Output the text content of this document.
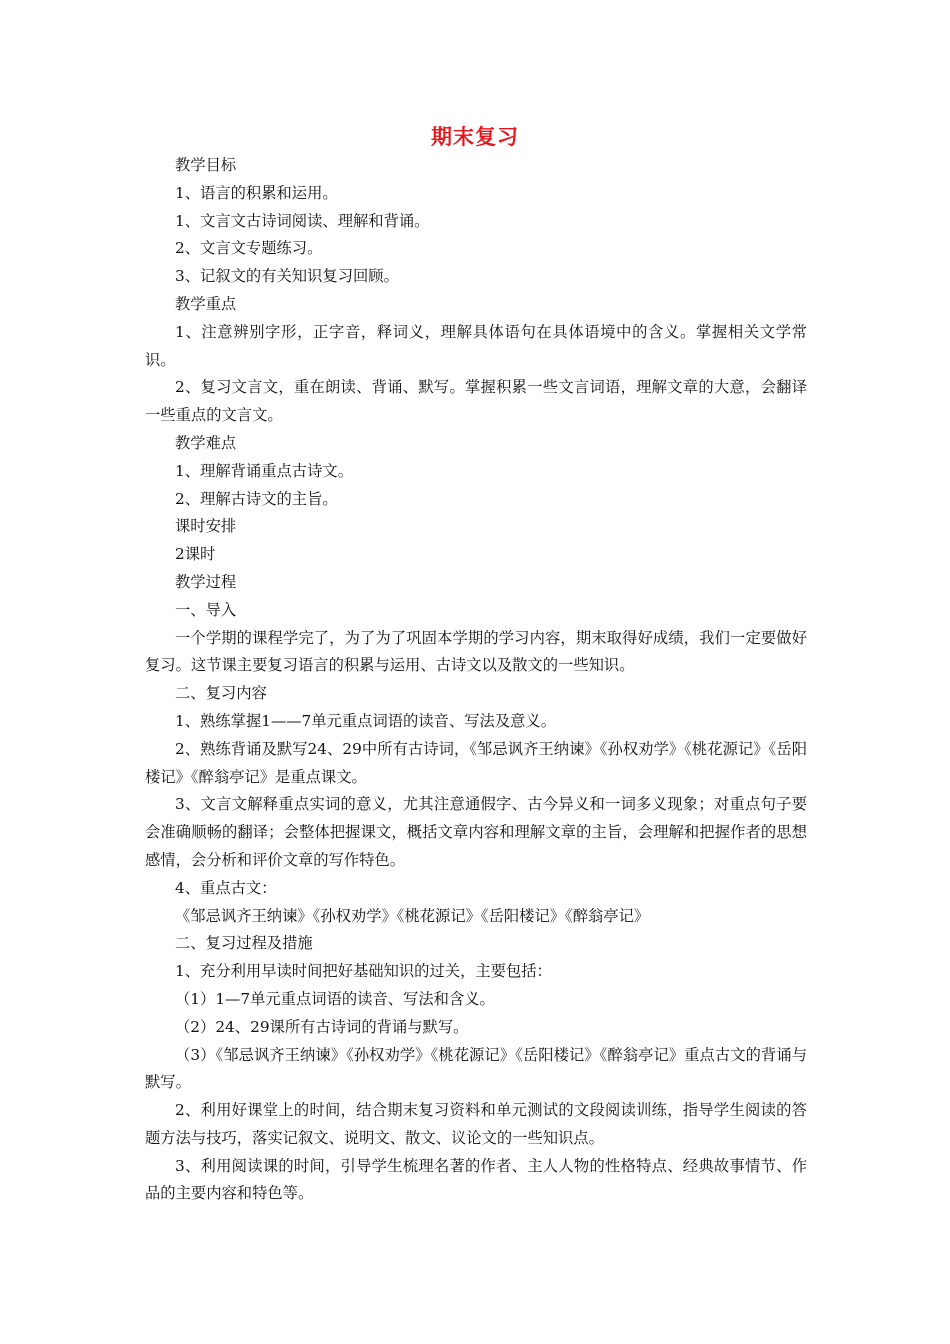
期末复习

教学目标

1、语言的积累和运用。

1、文言文古诗词阅读、理解和背诵。

2、文言文专题练习。

3、记叙文的有关知识复习回顾。

教学重点

1、注意辨别字形，正字音，释词义，理解具体语句在具体语境中的含义。掌握相关文学常识。

2、复习文言文，重在朗读、背诵、默写。掌握积累一些文言词语，理解文章的大意，会翻译一些重点的文言文。

教学难点

1、理解背诵重点古诗文。

2、理解古诗文的主旨。

课时安排

2课时

教学过程

一、导入

一个学期的课程学完了，为了为了巩固本学期的学习内容，期末取得好成绩，我们一定要做好复习。这节课主要复习语言的积累与运用、古诗文以及散文的一些知识。

二、复习内容

1、熟练掌握1——7单元重点词语的读音、写法及意义。

2、熟练背诵及默写24、29中所有古诗词，《邹忌讽齐王纳谏》《孙权劝学》《桃花源记》《岳阳楼记》《醉翁亭记》是重点课文。

3、文言文解释重点实词的意义，尤其注意通假字、古今异义和一词多义现象；对重点句子要会准确顺畅的翻译；会整体把握课文，概括文章内容和理解文章的主旨，会理解和把握作者的思想感情，会分析和评价文章的写作特色。

4、重点古文：

《邹忌讽齐王纳谏》《孙权劝学》《桃花源记》《岳阳楼记》《醉翁亭记》

二、复习过程及措施

1、充分利用早读时间把好基础知识的过关，主要包括：

（1）1—7单元重点词语的读音、写法和含义。

（2）24、29课所有古诗词的背诵与默写。

（3）《邹忌讽齐王纳谏》《孙权劝学》《桃花源记》《岳阳楼记》《醉翁亭记》重点古文的背诵与默写。

2、利用好课堂上的时间，结合期末复习资料和单元测试的文段阅读训练，指导学生阅读的答题方法与技巧，落实记叙文、说明文、散文、议论文的一些知识点。

3、利用阅读课的时间，引导学生梳理名著的作者、主人人物的性格特点、经典故事情节、作品的主要内容和特色等。
